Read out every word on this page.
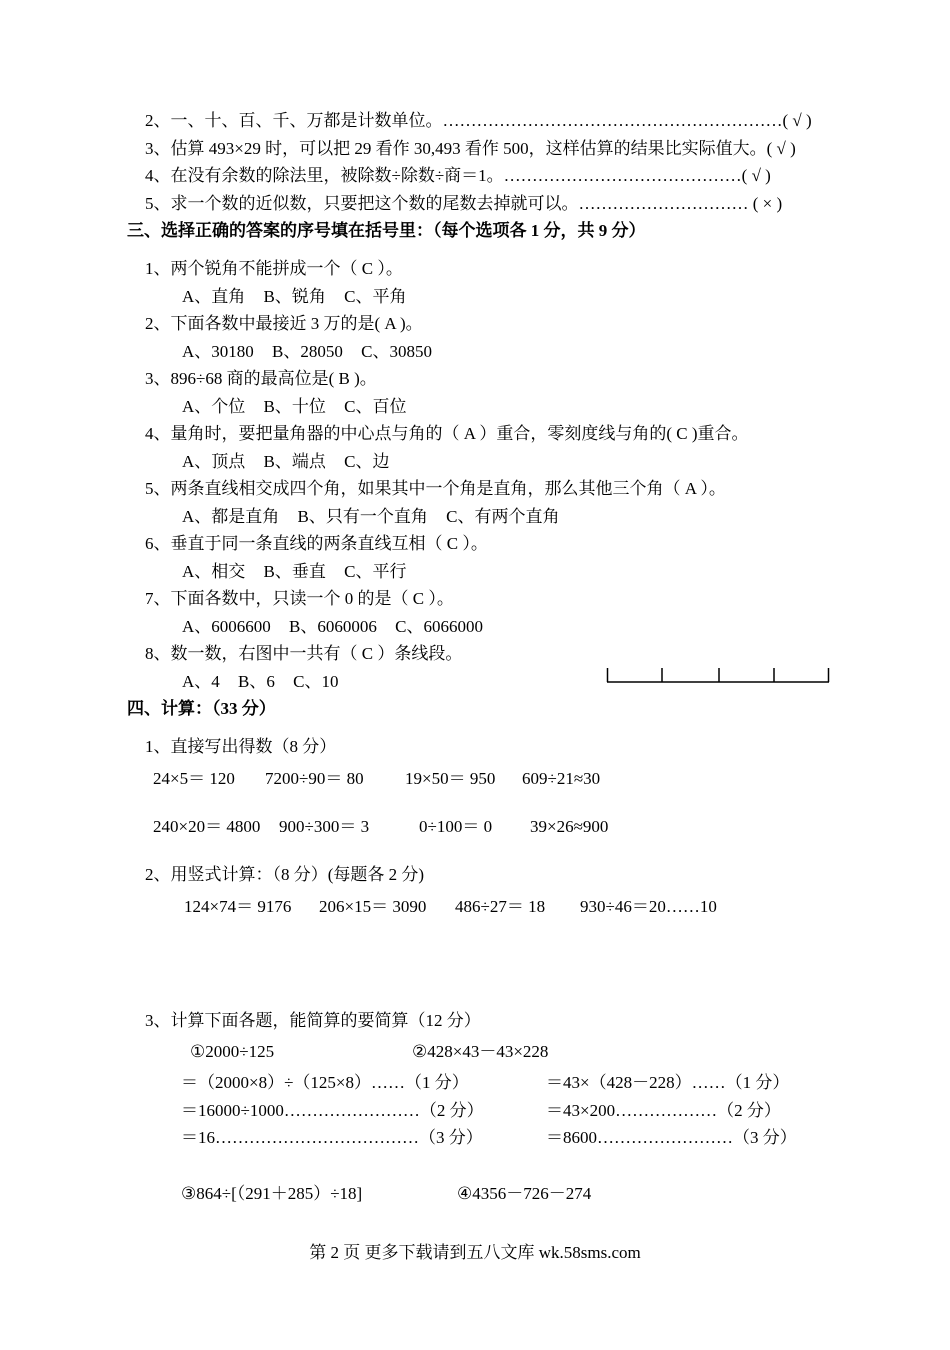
2、一、十、百、千、万都是计数单位。……………………………………………………( √ )
3、估算 493×29 时，可以把 29 看作 30,493 看作 500，这样估算的结果比实际值大。( √ )
4、在没有余数的除法里，被除数÷除数÷商＝1。……………………………………( √ )
5、求一个数的近似数，只要把这个数的尾数去掉就可以。………………………… ( × )
三、选择正确的答案的序号填在括号里：（每个选项各 1 分，共 9 分）
1、两个锐角不能拼成一个（ C ）。
A、直角 B、锐角 C、平角
2、下面各数中最接近 3 万的是( A )。
A、30180 B、28050 C、30850
3、896÷68 商的最高位是( B )。
A、个位 B、十位 C、百位
4、量角时，要把量角器的中心点与角的（ A ）重合，零刻度线与角的( C )重合。
A、顶点 B、端点 C、边
5、两条直线相交成四个角，如果其中一个角是直角，那么其他三个角（ A ）。
A、都是直角 B、只有一个直角 C、有两个直角
6、垂直于同一条直线的两条直线互相（ C ）。
A、相交 B、垂直 C、平行
7、下面各数中，只读一个 0 的是（ C ）。
A、6006600 B、6060006 C、6066000
8、数一数，右图中一共有（ C ）条线段。
A、4 B、6 C、10
四、计算：（33 分）
1、直接写出得数（8 分）
24×5＝ 120 7200÷90＝ 80 19×50＝ 950 609÷21≈30
240×20＝ 4800 900÷300＝ 3	0÷100＝ 0 39×26≈900
2、用竖式计算：（8 分）(每题各 2 分)
124×74＝ 9176 206×15＝ 3090 486÷27＝ 18 930÷46＝20……10
3、计算下面各题，能简算的要简算（12 分）
①2000÷125
＝（2000×8）÷（125×8）……（1 分）
＝16000÷1000……………………（2 分）
＝16………………………………（3 分）
②428×43－43×228
＝43×（428－228）……（1 分）
＝43×200………………（2 分）
＝8600……………………（3 分）
③864÷[（291＋285）÷18]	④4356－726－274
第 2 页 更多下载请到五八文库 wk.58sms.com
